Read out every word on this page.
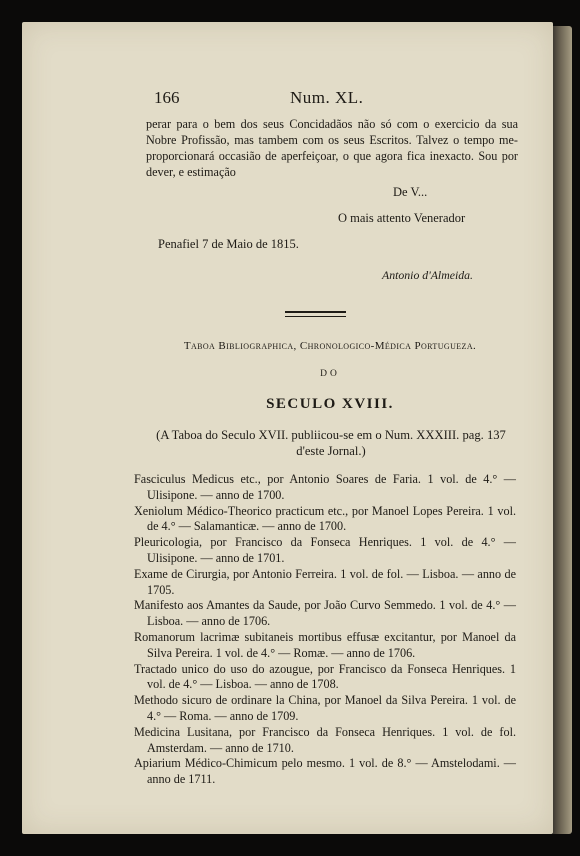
166	Num. XL.

perar para o bem dos seus Concidadãos não só com o exercicio da sua Nobre Profissão, mas tambem com os seus Escritos. Talvez o tempo me-proporcionará occasião de aperfeiçoar, o que agora fica inexacto. Sou por dever, e estimação

De V...
O mais attento Venerador
Penafiel 7 de Maio de 1815.
Antonio d'Almeida.
Taboa Bibliographica, Chronologico-Médica Portugueza.
DO
SECULO XVIII.

(A Taboa do Seculo XVII. publiicou-se em o Num. XXXIII. pag. 137 d'este Jornal.)

Fasciculus Medicus etc., por Antonio Soares de Faria. 1 vol. de 4.° — Ulisipone. — anno de 1700.
Xeniolum Médico-Theorico practicum etc., por Manoel Lopes Pereira. 1 vol. de 4.° — Salamanticæ. — anno de 1700.
Pleuricologia, por Francisco da Fonseca Henriques. 1 vol. de 4.° — Ulisipone. — anno de 1701.
Exame de Cirurgia, por Antonio Ferreira. 1 vol. de fol. — Lisboa. — anno de 1705.
Manifesto aos Amantes da Saude, por João Curvo Semmedo. 1 vol. de 4.° — Lisboa. — anno de 1706.
Romanorum lacrimæ subitaneis mortibus effusæ excitantur, por Manoel da Silva Pereira. 1 vol. de 4.° — Romæ. — anno de 1706.
Tractado unico do uso do azougue, por Francisco da Fonseca Henriques. 1 vol. de 4.° — Lisboa. — anno de 1708.
Methodo sicuro de ordinare la China, por Manoel da Silva Pereira. 1 vol. de 4.° — Roma. — anno de 1709.
Medicina Lusitana, por Francisco da Fonseca Henriques. 1 vol. de fol. Amsterdam. — anno de 1710.
Apiarium Médico-Chimicum pelo mesmo. 1 vol. de 8.° — Amstelodami. — anno de 1711.
